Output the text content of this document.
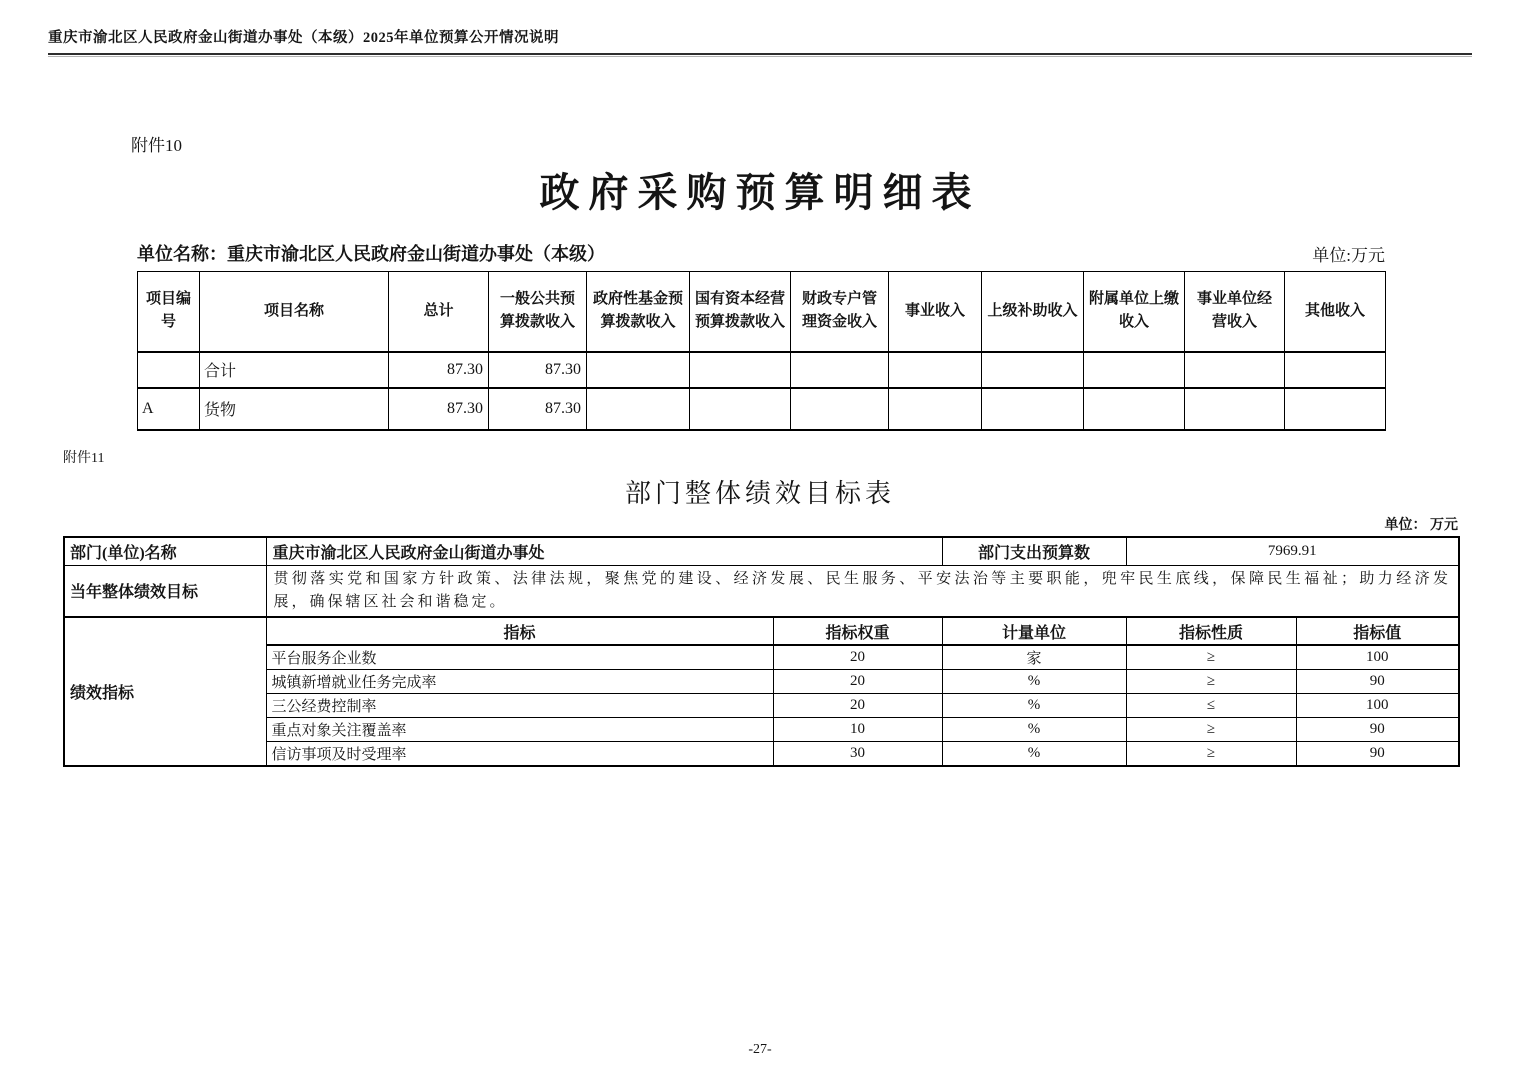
重庆市渝北区人民政府金山街道办事处（本级）2025年单位预算公开情况说明
附件10
政府采购预算明细表
单位名称：重庆市渝北区人民政府金山街道办事处（本级）	单位:万元
项目编号	项目名称	总计	一般公共预算拨款收入	政府性基金预算拨款收入	国有资本经营预算拨款收入	财政专户管理资金收入	事业收入	上级补助收入	附属单位上缴收入	事业单位经营收入	其他收入
	合计	87.30	87.30								
A	货物	87.30	87.30								
附件11
部门整体绩效目标表
单位： 万元
部门(单位)名称	重庆市渝北区人民政府金山街道办事处		部门支出预算数	7969.91	
当年整体绩效目标	贯彻落实党和国家方针政策、法律法规，聚焦党的建设、经济发展、民生服务、平安法治等主要职能，兜牢民生底线，保障民生福祉；助力经济发展，确保辖区社会和谐稳定。				
绩效指标	指标	指标权重	计量单位	指标性质	指标值
	平台服务企业数	20	家	≥	100
	城镇新增就业任务完成率	20	%	≥	90
	三公经费控制率	20	%	≤	100
	重点对象关注覆盖率	10	%	≥	90
	信访事项及时受理率	30	%	≥	90
-27-
